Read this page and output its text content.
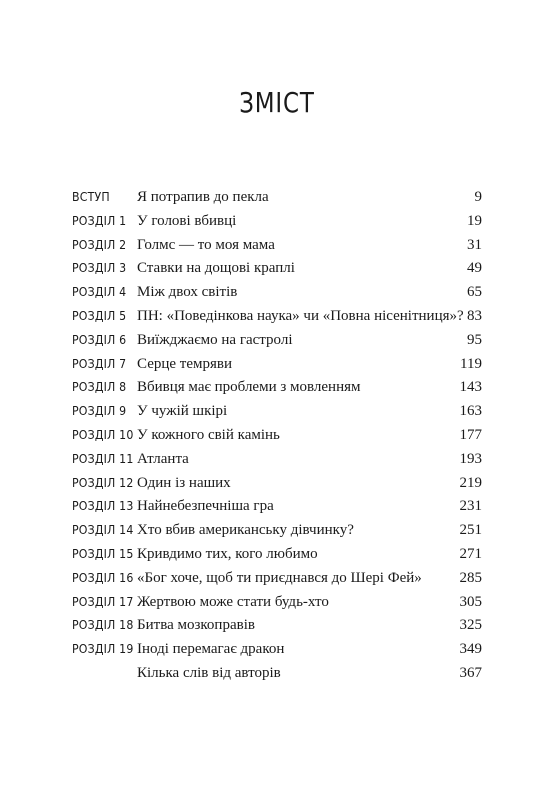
ЗМІСТ
ВСТУП Я потрапив до пекла	9
РОЗДІЛ 1 У голові вбивці	19
РОЗДІЛ 2 Голмс — то моя мама	31
РОЗДІЛ 3 Ставки на дощові краплі	49
РОЗДІЛ 4 Між двох світів	65
РОЗДІЛ 5 ПН: «Поведінкова наука» чи «Повна нісенітниця»? 83
РОЗДІЛ 6 Виїжджаємо на гастролі	95
РОЗДІЛ 7 Серце темряви	119
РОЗДІЛ 8 Вбивця має проблеми з мовленням	143
РОЗДІЛ 9 У чужій шкірі	163
РОЗДІЛ 10 У кожного свій камінь	177
РОЗДІЛ 11 Атланта	193
РОЗДІЛ 12 Один із наших	219
РОЗДІЛ 13 Найнебезпечніша гра	231
РОЗДІЛ 14 Хто вбив американську дівчинку?	251
РОЗДІЛ 15 Кривдимо тих, кого любимо	271
РОЗДІЛ 16 «Бог хоче, щоб ти приєднався до Шері Фей»	285
РОЗДІЛ 17 Жертвою може стати будь-хто	305
РОЗДІЛ 18 Битва мозкоправів	325
РОЗДІЛ 19 Іноді перемагає дракон	349
Кілька слів від авторів	367
